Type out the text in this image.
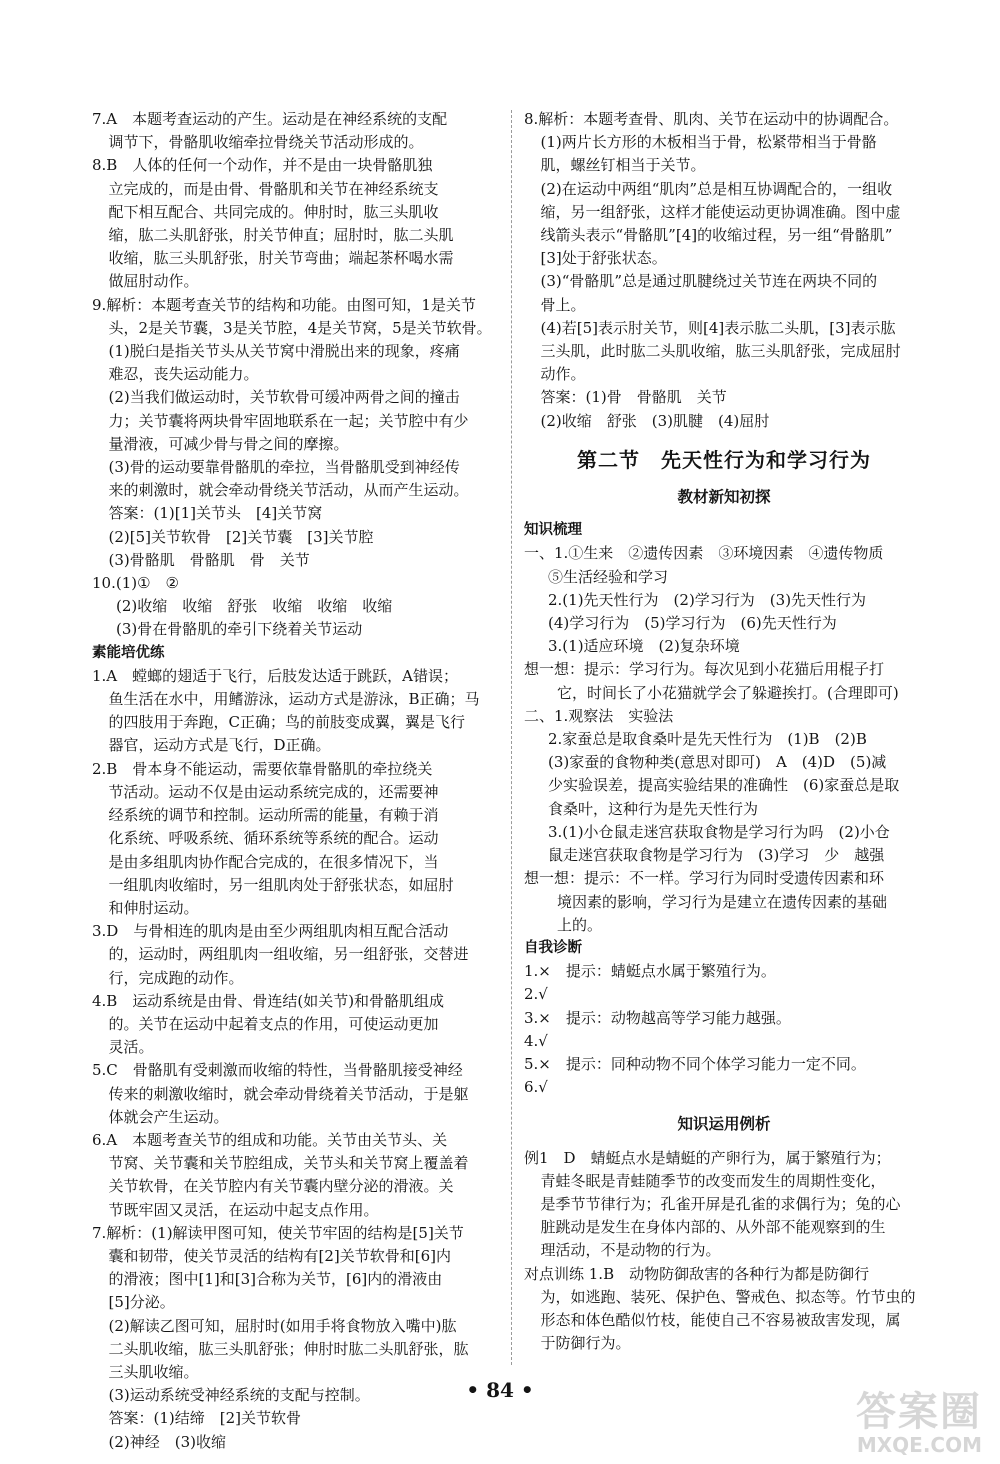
7.A　本题考查运动的产生。运动是在神经系统的支配
调节下，骨骼肌收缩牵拉骨绕关节活动形成的。
8.B　人体的任何一个动作，并不是由一块骨骼肌独
立完成的，而是由骨、骨骼肌和关节在神经系统支
配下相互配合、共同完成的。伸肘时，肱三头肌收
缩，肱二头肌舒张，肘关节伸直；屈肘时，肱二头肌
收缩，肱三头肌舒张，肘关节弯曲；端起茶杯喝水需
做屈肘动作。
9.解析：本题考查关节的结构和功能。由图可知，1是关节
头，2是关节囊，3是关节腔，4是关节窝，5是关节软骨。
(1)脱臼是指关节头从关节窝中滑脱出来的现象，疼痛
难忍，丧失运动能力。
(2)当我们做运动时，关节软骨可缓冲两骨之间的撞击
力；关节囊将两块骨牢固地联系在一起；关节腔中有少
量滑液，可减少骨与骨之间的摩擦。
(3)骨的运动要靠骨骼肌的牵拉，当骨骼肌受到神经传
来的刺激时，就会牵动骨绕关节活动，从而产生运动。
答案：(1)[1]关节头　[4]关节窝
(2)[5]关节软骨　[2]关节囊　[3]关节腔
(3)骨骼肌　骨骼肌　骨　关节
10.(1)①　②
(2)收缩　收缩　舒张　收缩　收缩　收缩
(3)骨在骨骼肌的牵引下绕着关节运动
素能培优练
1.A　螳螂的翅适于飞行，后肢发达适于跳跃，A错误；
鱼生活在水中，用鳍游泳，运动方式是游泳，B正确；马
的四肢用于奔跑，C正确；鸟的前肢变成翼，翼是飞行
器官，运动方式是飞行，D正确。
2.B　骨本身不能运动，需要依靠骨骼肌的牵拉绕关
节活动。运动不仅是由运动系统完成的，还需要神
经系统的调节和控制。运动所需的能量，有赖于消
化系统、呼吸系统、循环系统等系统的配合。运动
是由多组肌肉协作配合完成的，在很多情况下，当
一组肌肉收缩时，另一组肌肉处于舒张状态，如屈肘
和伸肘运动。
3.D　与骨相连的肌肉是由至少两组肌肉相互配合活动
的，运动时，两组肌肉一组收缩，另一组舒张，交替进
行，完成跑的动作。
4.B　运动系统是由骨、骨连结(如关节)和骨骼肌组成
的。关节在运动中起着支点的作用，可使运动更加
灵活。
5.C　骨骼肌有受刺激而收缩的特性，当骨骼肌接受神经
传来的刺激收缩时，就会牵动骨绕着关节活动，于是躯
体就会产生运动。
6.A　本题考查关节的组成和功能。关节由关节头、关
节窝、关节囊和关节腔组成，关节头和关节窝上覆盖着
关节软骨，在关节腔内有关节囊内壁分泌的滑液。关
节既牢固又灵活，在运动中起支点作用。
7.解析：(1)解读甲图可知，使关节牢固的结构是[5]关节
囊和韧带，使关节灵活的结构有[2]关节软骨和[6]内
的滑液；图中[1]和[3]合称为关节，[6]内的滑液由
[5]分泌。
(2)解读乙图可知，屈肘时(如用手将食物放入嘴中)肱
二头肌收缩，肱三头肌舒张；伸肘时肱二头肌舒张，肱
三头肌收缩。
(3)运动系统受神经系统的支配与控制。
答案：(1)结缔　[2]关节软骨
(2)神经　(3)收缩
8.解析：本题考查骨、肌肉、关节在运动中的协调配合。
(1)两片长方形的木板相当于骨，松紧带相当于骨骼
肌，螺丝钉相当于关节。
(2)在运动中两组“肌肉”总是相互协调配合的，一组收
缩，另一组舒张，这样才能使运动更协调准确。图中虚
线箭头表示“骨骼肌”[4]的收缩过程，另一组“骨骼肌”
[3]处于舒张状态。
(3)“骨骼肌”总是通过肌腱绕过关节连在两块不同的
骨上。
(4)若[5]表示肘关节，则[4]表示肱二头肌，[3]表示肱
三头肌，此时肱二头肌收缩，肱三头肌舒张，完成屈肘
动作。
答案：(1)骨　骨骼肌　关节
(2)收缩　舒张　(3)肌腱　(4)屈肘
第二节　先天性行为和学习行为
教材新知初探
知识梳理
一、1.①生来　②遗传因素　③环境因素　④遗传物质
⑤生活经验和学习
2.(1)先天性行为　(2)学习行为　(3)先天性行为
(4)学习行为　(5)学习行为　(6)先天性行为
3.(1)适应环境　(2)复杂环境
想一想：提示：学习行为。每次见到小花猫后用棍子打
它，时间长了小花猫就学会了躲避挨打。(合理即可)
二、1.观察法　实验法
2.家蚕总是取食桑叶是先天性行为　(1)B　(2)B
(3)家蚕的食物种类(意思对即可)　A　(4)D　(5)减
少实验误差，提高实验结果的准确性　(6)家蚕总是取
食桑叶，这种行为是先天性行为
3.(1)小仓鼠走迷宫获取食物是学习行为吗　(2)小仓
鼠走迷宫获取食物是学习行为　(3)学习　少　越强
想一想：提示：不一样。学习行为同时受遗传因素和环
境因素的影响，学习行为是建立在遗传因素的基础
上的。
自我诊断
1.×　提示：蜻蜓点水属于繁殖行为。
2.√
3.×　提示：动物越高等学习能力越强。
4.√
5.×　提示：同种动物不同个体学习能力一定不同。
6.√
知识运用例析
例1　D　蜻蜓点水是蜻蜓的产卵行为，属于繁殖行为；
青蛙冬眠是青蛙随季节的改变而发生的周期性变化，
是季节节律行为；孔雀开屏是孔雀的求偶行为；兔的心
脏跳动是发生在身体内部的、从外部不能观察到的生
理活动，不是动物的行为。
对点训练 1.B　动物防御敌害的各种行为都是防御行
为，如逃跑、装死、保护色、警戒色、拟态等。竹节虫的
形态和体色酷似竹枝，能使自己不容易被敌害发现，属
于防御行为。
• 84 •	答案圈
MXQE.COM
